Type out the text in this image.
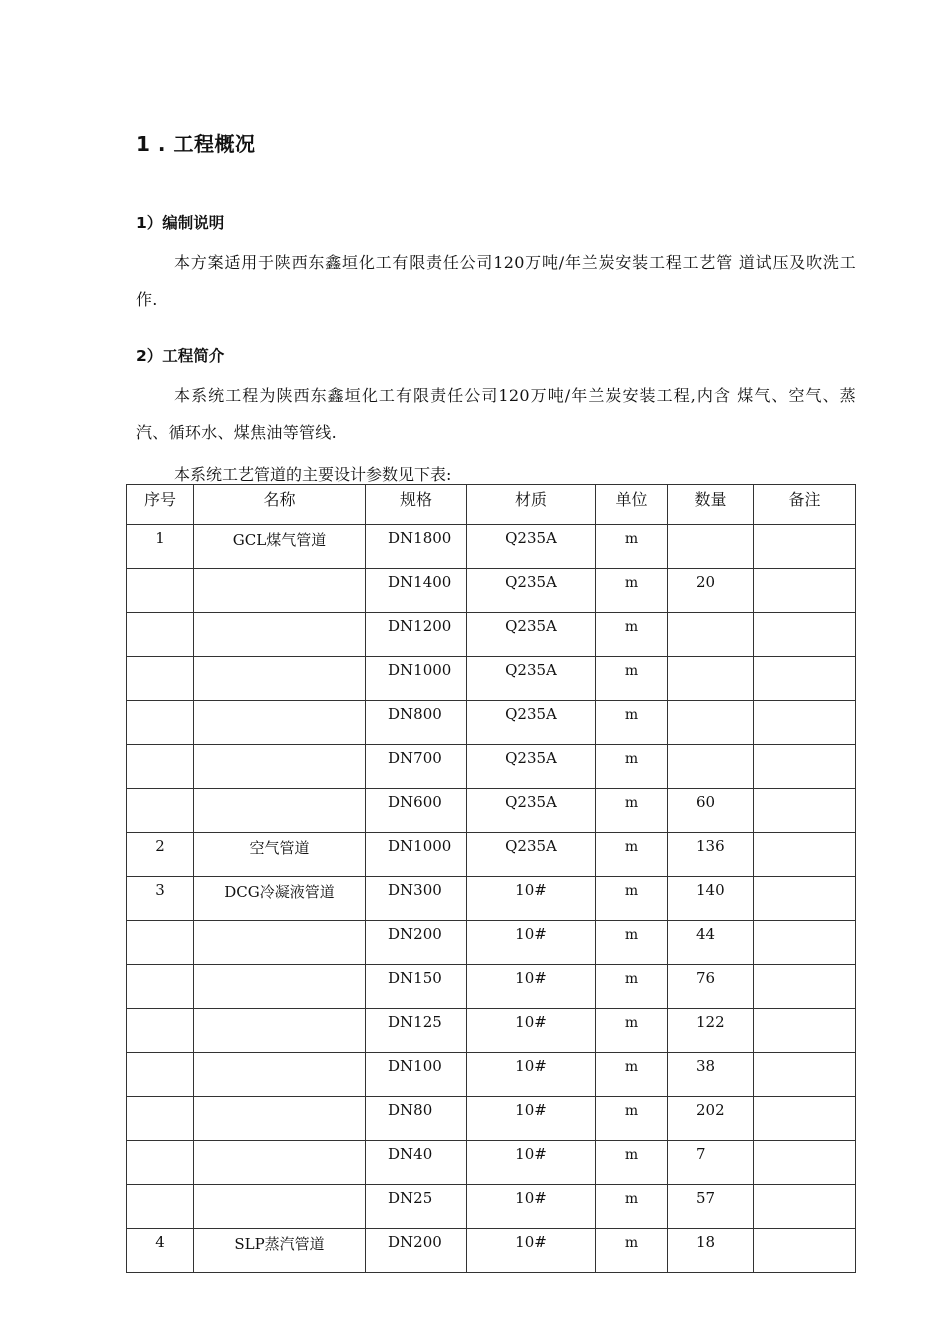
1 . 工程概况
1）编制说明
本方案适用于陕西东鑫垣化工有限责任公司120万吨/年兰炭安装工程工艺管 道试压及吹洗工作.
2）工程简介
本系统工程为陕西东鑫垣化工有限责任公司120万吨/年兰炭安装工程,内含 煤气、空气、蒸汽、循环水、煤焦油等管线.
本系统工艺管道的主要设计参数见下表:
序号	名称	规格	材质	单位	数量	备注
1	GCL煤气管道	DN1800	Q235A	m		
		DN1400	Q235A	m	20	
		DN1200	Q235A	m		
		DN1000	Q235A	m		
		DN800	Q235A	m		
		DN700	Q235A	m		
		DN600	Q235A	m	60	
2	空气管道	DN1000	Q235A	m	136	
3	DCG冷凝液管道	DN300	10#	m	140	
		DN200	10#	m	44	
		DN150	10#	m	76	
		DN125	10#	m	122	
		DN100	10#	m	38	
		DN80	10#	m	202	
		DN40	10#	m	7	
		DN25	10#	m	57	
4	SLP蒸汽管道	DN200	10#	m	18	
